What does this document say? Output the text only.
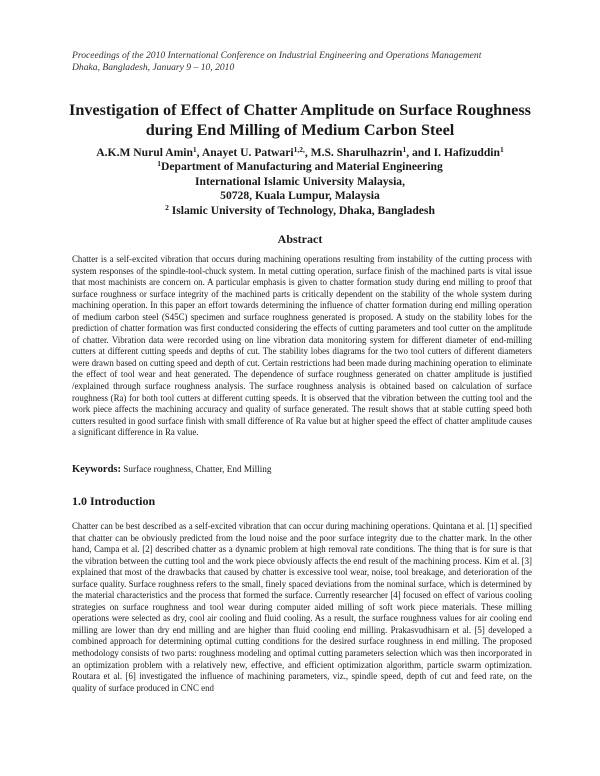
Proceedings of the 2010 International Conference on Industrial Engineering and Operations Management
Dhaka, Bangladesh, January 9 – 10, 2010
Investigation of Effect of Chatter Amplitude on Surface Roughness
during End Milling of Medium Carbon Steel
A.K.M Nurul Amin$^1$, Anayet U. Patwari$^{1,2,}$, M.S. Sharulhazrin$^1$, and I. Hafizuddin$^1$
$^1$Department of Manufacturing and Material Engineering
International Islamic University Malaysia,
50728, Kuala Lumpur, Malaysia
$^2$ Islamic University of Technology, Dhaka, Bangladesh
Abstract

Chatter is a self-excited vibration that occurs during machining operations resulting from instability of the cutting process with system responses of the spindle-tool-chuck system. In metal cutting operation, surface finish of the machined parts is vital issue that most machinists are concern on. A particular emphasis is given to chatter formation study during end milling to proof that surface roughness or surface integrity of the machined parts is critically dependent on the stability of the whole system during machining operation. In this paper an effort towards determining the influence of chatter formation during end milling operation of medium carbon steel (S45C) specimen and surface roughness generated is proposed. A study on the stability lobes for the prediction of chatter formation was first conducted considering the effects of cutting parameters and tool cutter on the amplitude of chatter. Vibration data were recorded using on line vibration data monitoring system for different diameter of end-milling cutters at different cutting speeds and depths of cut. The stability lobes diagrams for the two tool cutters of different diameters were drawn based on cutting speed and depth of cut. Certain restrictions had been made during machining operation to eliminate the effect of tool wear and heat generated. The dependence of surface roughness generated on chatter amplitude is justified /explained through surface roughness analysis. The surface roughness analysis is obtained based on calculation of surface roughness (Ra) for both tool cutters at different cutting speeds. It is observed that the vibration between the cutting tool and the work piece affects the machining accuracy and quality of surface generated. The result shows that at stable cutting speed both cutters resulted in good surface finish with small difference of Ra value but at higher speed the effect of chatter amplitude causes a significant difference in Ra value.

Keywords: Surface roughness, Chatter, End Milling
1.0 Introduction

Chatter can be best described as a self-excited vibration that can occur during machining operations. Quintana et al. [1] specified that chatter can be obviously predicted from the loud noise and the poor surface integrity due to the chatter mark. In the other hand, Campa et al. [2] described chatter as a dynamic problem at high removal rate conditions. The thing that is for sure is that the vibration between the cutting tool and the work piece obviously affects the end result of the machining process. Kim et al. [3] explained that most of the drawbacks that caused by chatter is excessive tool wear, noise, tool breakage, and deterioration of the surface quality. Surface roughness refers to the small, finely spaced deviations from the nominal surface, which is determined by the material characteristics and the process that formed the surface. Currently researcher [4] focused on effect of various cooling strategies on surface roughness and tool wear during computer aided milling of soft work piece materials. These milling operations were selected as dry, cool air cooling and fluid cooling. As a result, the surface roughness values for air cooling end milling are lower than dry end milling and are higher than fluid cooling end milling. Prakasvudhisarn et al. [5] developed a combined approach for determining optimal cutting conditions for the desired surface roughness in end milling. The proposed methodology consists of two parts: roughness modeling and optimal cutting parameters selection which was then incorporated in an optimization problem with a relatively new, effective, and efficient optimization algorithm, particle swarm optimization. Routara et al. [6] investigated the influence of machining parameters, viz., spindle speed, depth of cut and feed rate, on the quality of surface produced in CNC end
